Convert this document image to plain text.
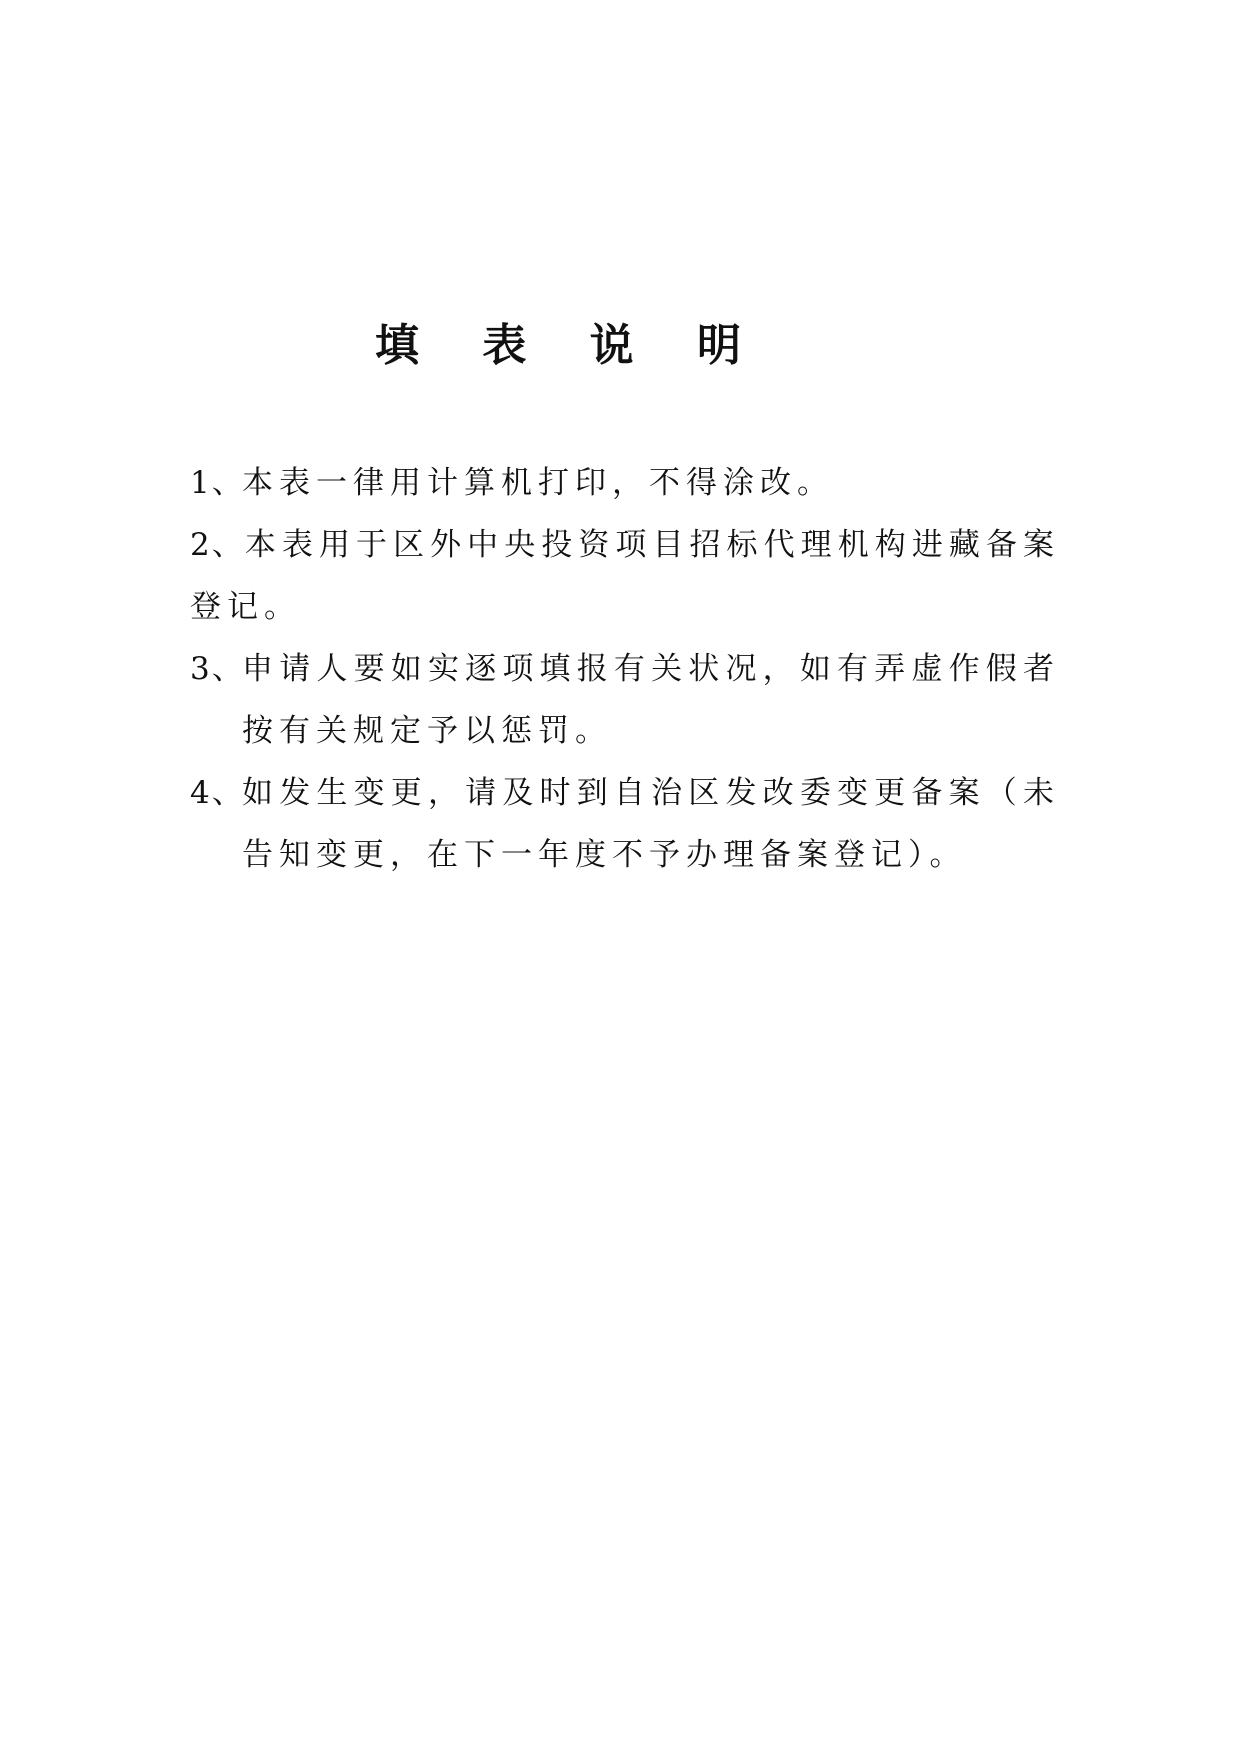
填 表 说 明
1、
本表一律用计算机打印，不得涂改。
2、本表用于区外中央投资项目招标代理机构进藏备案登记。
3、
申请人要如实逐项填报有关状况，如有弄虚作假者按有关规定予以惩罚。
4、
如发生变更，请及时到自治区发改委变更备案（未告知变更，在下一年度不予办理备案登记）。
